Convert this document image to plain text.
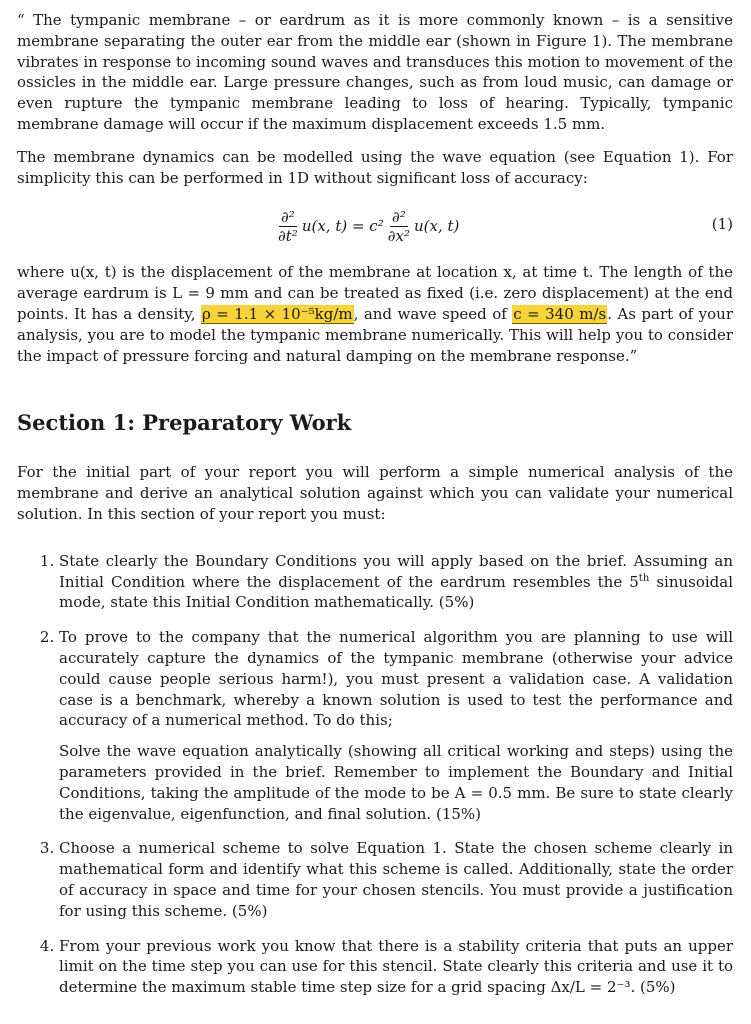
“ The tympanic membrane – or eardrum as it is more commonly known – is a sensitive membrane separating the outer ear from the middle ear (shown in Figure 1). The membrane vibrates in response to incoming sound waves and transduces this motion to movement of the ossicles in the middle ear. Large pressure changes, such as from loud music, can damage or even rupture the tympanic membrane leading to loss of hearing. Typically, tympanic membrane damage will occur if the maximum displacement exceeds 1.5 mm.

The membrane dynamics can be modelled using the wave equation (see Equation 1). For simplicity this can be performed in 1D without significant loss of accuracy:

$\frac{\text{∂²}}{\text{∂t²}} u(x$, $t) = c^2 \frac{\text{∂²}}{\text{∂x²}} u(x$, t)	(1)

where u(x, t) is the displacement of the membrane at location x, at time t. The length of the average eardrum is L = 9 mm and can be treated as fixed (i.e. zero displacement) at the end points. It has a density, ρ = 1.1 × 10⁻⁵kg/m, and wave speed of c = 340 m/s. As part of your analysis, you are to model the tympanic membrane numerically. This will help you to consider the impact of pressure forcing and natural damping on the membrane response.”

Section 1: Preparatory Work

For the initial part of your report you will perform a simple numerical analysis of the membrane and derive an analytical solution against which you can validate your numerical solution. In this section of your report you must:

1. State clearly the Boundary Conditions you will apply based on the brief. Assuming an Initial Condition where the displacement of the eardrum resembles the 5th sinusoidal mode, state this Initial Condition mathematically. (5%)
2. To prove to the company that the numerical algorithm you are planning to use will accurately capture the dynamics of the tympanic membrane (otherwise your advice could cause people serious harm!), you must present a validation case. A validation case is a benchmark, whereby a known solution is used to test the performance and accuracy of a numerical method. To do this;

Solve the wave equation analytically (showing all critical working and steps) using the parameters provided in the brief. Remember to implement the Boundary and Initial Conditions, taking the amplitude of the mode to be A = 0.5 mm. Be sure to state clearly the eigenvalue, eigenfunction, and final solution. (15%)

3. Choose a numerical scheme to solve Equation 1. State the chosen scheme clearly in mathematical form and identify what this scheme is called. Additionally, state the order of accuracy in space and time for your chosen stencils. You must provide a justification for using this scheme. (5%)
4. From your previous work you know that there is a stability criteria that puts an upper limit on the time step you can use for this stencil. State clearly this criteria and use it to determine the maximum stable time step size for a grid spacing Δx/L = 2⁻³. (5%)
